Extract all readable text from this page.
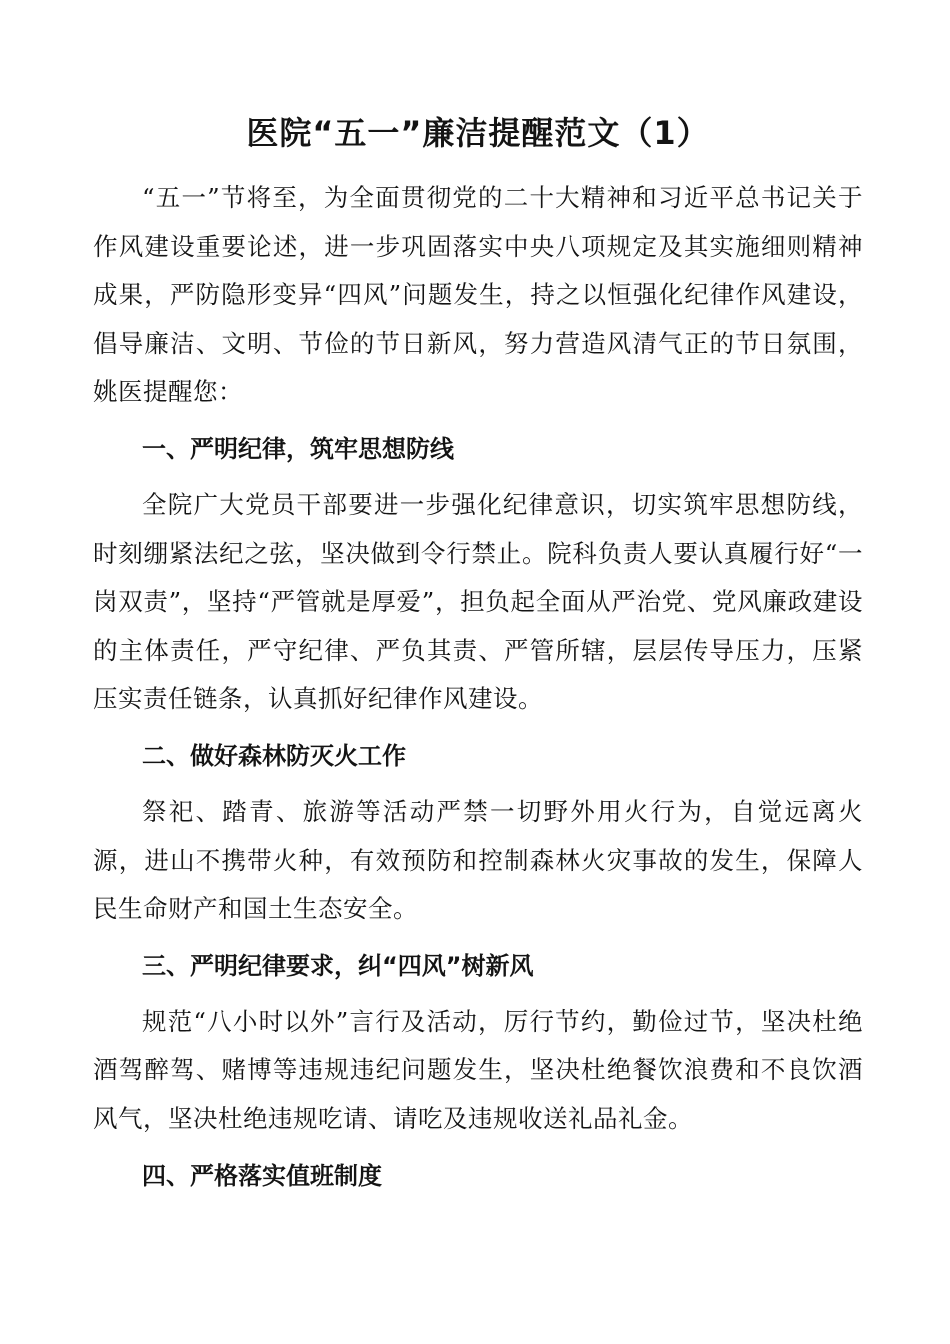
医院“五一”廉洁提醒范文（1）

“五一”节将至，为全面贯彻党的二十大精神和习近平总书记关于作风建设重要论述，进一步巩固落实中央八项规定及其实施细则精神成果，严防隐形变异“四风”问题发生，持之以恒强化纪律作风建设，倡导廉洁、文明、节俭的节日新风，努力营造风清气正的节日氛围，姚医提醒您：

一、严明纪律，筑牢思想防线

全院广大党员干部要进一步强化纪律意识，切实筑牢思想防线，时刻绷紧法纪之弦，坚决做到令行禁止。院科负责人要认真履行好“一岗双责”，坚持“严管就是厚爱”，担负起全面从严治党、党风廉政建设的主体责任，严守纪律、严负其责、严管所辖，层层传导压力，压紧压实责任链条，认真抓好纪律作风建设。

二、做好森林防灭火工作

祭祀、踏青、旅游等活动严禁一切野外用火行为，自觉远离火源，进山不携带火种，有效预防和控制森林火灾事故的发生，保障人民生命财产和国土生态安全。

三、严明纪律要求，纠“四风”树新风

规范“八小时以外”言行及活动，厉行节约，勤俭过节，坚决杜绝酒驾醉驾、赌博等违规违纪问题发生，坚决杜绝餐饮浪费和不良饮酒风气，坚决杜绝违规吃请、请吃及违规收送礼品礼金。

四、严格落实值班制度
